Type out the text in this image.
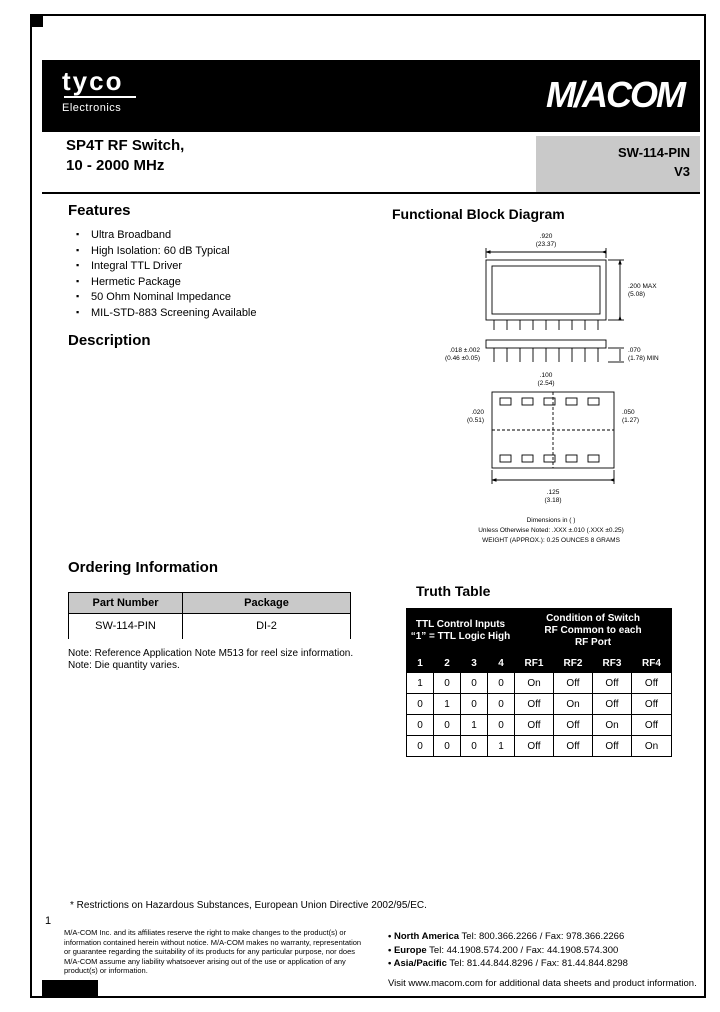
tyco
Electronics	M/ACOM
SP4T RF Switch,
10 - 2000 MHz
SW-114-PIN
V3
Features
▪ Ultra Broadband
▪ High Isolation: 60 dB Typical
▪ Integral TTL Driver
▪ Hermetic Package
▪ 50 Ohm Nominal Impedance
▪ MIL-STD-883 Screening Available
Description
Functional Block Diagram
.920
(23.37)
.200 MAX
(5.08)
.070
(1.78) MIN
.018 ±.002
(0.46 ±0.05)
.100
(2.54)
.020
(0.51)
.050
(1.27)
.125
(3.18)
Dimensions in ( )
Unless Otherwise Noted: .XXX ±.010 (.XXX ±0.25)
WEIGHT (APPROX.): 0.25 OUNCES 8 GRAMS
Ordering Information
Part Number	Package
SW-114-PIN	DI-2
Note: Reference Application Note M513 for reel size information.
Note: Die quantity varies.
Truth Table
TTL Control Inputs
“1” = TTL Logic High

Condition of Switch
RF Common to each
RF Port

1	2	3	4	RF1	RF2	RF3	RF4
1	0	0	0	On	Off	Off	Off
0	1	0	0	Off	On	Off	Off
0	0	1	0	Off	Off	On	Off
0	0	0	1	Off	Off	Off	On
* Restrictions on Hazardous Substances, European Union Directive 2002/95/EC.
1
M/A-COM Inc. and its affiliates reserve the right to make changes to the product(s) or information contained herein without notice. M/A-COM makes no warranty, representation or guarantee regarding the suitability of its products for any particular purpose, nor does M/A-COM assume any liability whatsoever arising out of the use or application of any product(s) or information.
• North America Tel: 800.366.2266 / Fax: 978.366.2266
• Europe Tel: 44.1908.574.200 / Fax: 44.1908.574.300
• Asia/Pacific Tel: 81.44.844.8296 / Fax: 81.44.844.8298
Visit www.macom.com for additional data sheets and product information.
